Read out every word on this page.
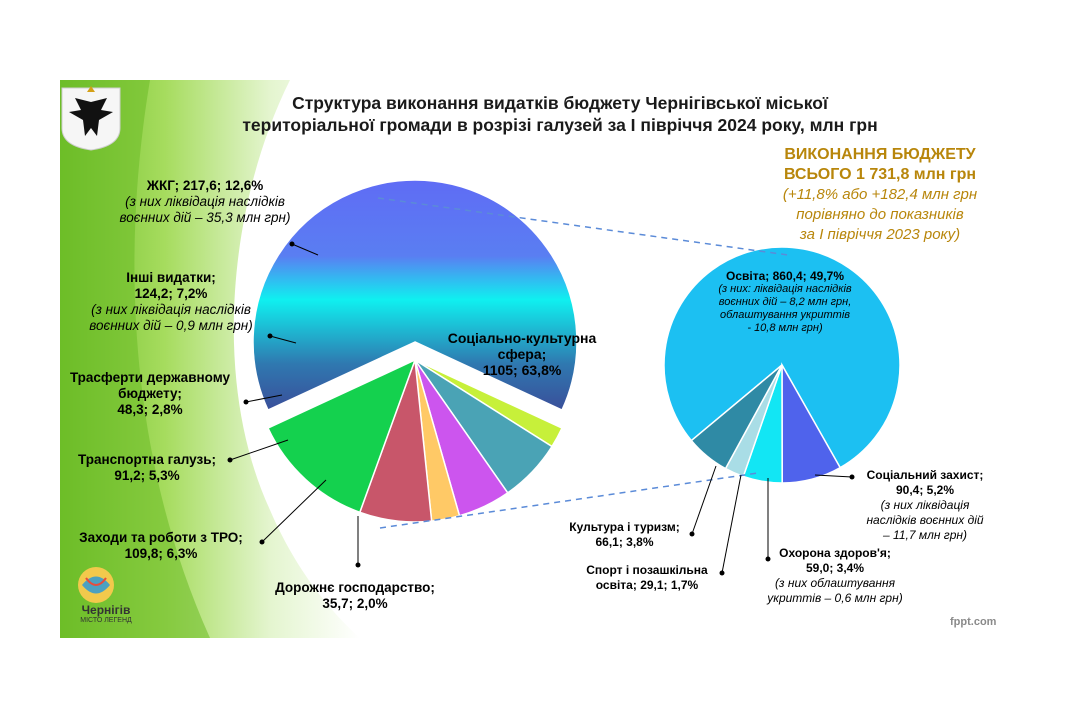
Структура виконання видатків бюджету Чернігівської міської
територіальної громади в розрізі галузей за І півріччя 2024 року, млн грн
ВИКОНАННЯ БЮДЖЕТУ
ВСЬОГО 1 731,8 млн грн
(+11,8% або +182,4 млн грн
порівняно до показників
за І півріччя 2023 року)
ЖКГ; 217,6; 12,6%
(з них ліквідація наслідків
воєнних дій – 35,3 млн грн)
Інші видатки;
124,2; 7,2%
(з них ліквідація наслідків
воєнних дій – 0,9 млн грн)
Трасферти державному
бюджету;
48,3; 2,8%
Транспортна галузь;
91,2; 5,3%
Заходи та роботи з ТРО;
109,8; 6,3%
Дорожнє господарство;
35,7; 2,0%
Соціально-культурна
сфера;
1105; 63,8%
Освіта; 860,4; 49,7%
(з них: ліквідація наслідків
воєнних дій – 8,2 млн грн,
облаштування укриттів
- 10,8 млн грн)
Соціальний захист;
90,4; 5,2%
(з них ліквідація
наслідків воєнних дій
– 11,7 млн грн)
Охорона здоров'я;
59,0; 3,4%
(з них облаштування
укриттів – 0,6 млн грн)
Спорт і позашкільна
освіта; 29,1; 1,7%
Культура і туризм;
66,1; 3,8%
Чернігів
МІСТО ЛЕГЕНД	fppt.com
